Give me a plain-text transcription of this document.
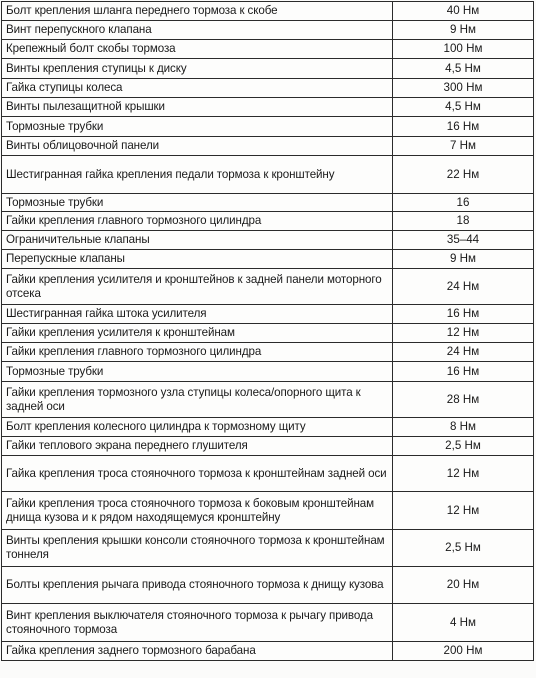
Болт крепления шланга переднего тормоза к скобе	40 Нм
Винт перепускного клапана	9 Нм
Крепежный болт скобы тормоза	100 Нм
Винты крепления ступицы к диску	4,5 Нм
Гайка ступицы колеса	300 Нм
Винты пылезащитной крышки	4,5 Нм
Тормозные трубки	16 Нм
Винты облицовочной панели	7 Нм
Шестигранная гайка крепления педали тормоза к кронштейну	22 Нм
Тормозные трубки	16
Гайки крепления главного тормозного цилиндра	18
Ограничительные клапаны	35–44
Перепускные клапаны	9 Нм
Гайки крепления усилителя и кронштейнов к задней панели моторного отсека	24 Нм
Шестигранная гайка штока усилителя	16 Нм
Гайки крепления усилителя к кронштейнам	12 Нм
Гайки крепления главного тормозного цилиндра	24 Нм
Тормозные трубки	16 Нм
Гайки крепления тормозного узла ступицы колеса/опорного щита к задней оси	28 Нм
Болт крепления колесного цилиндра к тормозному щиту	8 Нм
Гайки теплового экрана переднего глушителя	2,5 Нм
Гайка крепления троса стояночного тормоза к кронштейнам задней оси	12 Нм
Гайки крепления троса стояночного тормоза к боковым кронштейнам днища кузова и к рядом находящемуся кронштейну	12 Нм
Винты крепления крышки консоли стояночного тормоза к кронштейнам тоннеля	2,5 Нм
Болты крепления рычага привода стояночного тормоза к днищу кузова	20 Нм
Винт крепления выключателя стояночного тормоза к рычагу привода стояночного тормоза	4 Нм
Гайка крепления заднего тормозного барабана	200 Нм
